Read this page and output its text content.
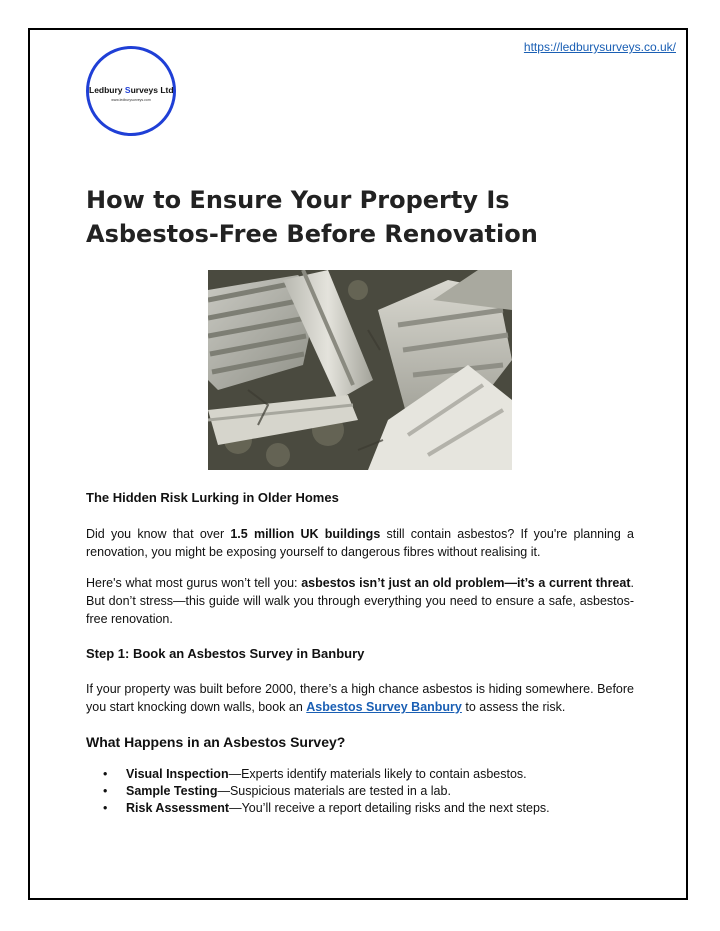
https://ledburysurveys.co.uk/
Ledbury Surveys Ltd
www.ledburysurveys.com
How to Ensure Your Property Is Asbestos-Free Before Renovation
The Hidden Risk Lurking in Older Homes

Did you know that over 1.5 million UK buildings still contain asbestos? If you're planning a renovation, you might be exposing yourself to dangerous fibres without realising it.

Here's what most gurus won’t tell you: asbestos isn’t just an old problem—it’s a current threat. But don’t stress—this guide will walk you through everything you need to ensure a safe, asbestos-free renovation.

Step 1: Book an Asbestos Survey in Banbury

If your property was built before 2000, there’s a high chance asbestos is hiding somewhere. Before you start knocking down walls, book an Asbestos Survey Banbury to assess the risk.

What Happens in an Asbestos Survey?
• Visual Inspection—Experts identify materials likely to contain asbestos.
• Sample Testing—Suspicious materials are tested in a lab.
• Risk Assessment—You’ll receive a report detailing risks and the next steps.
